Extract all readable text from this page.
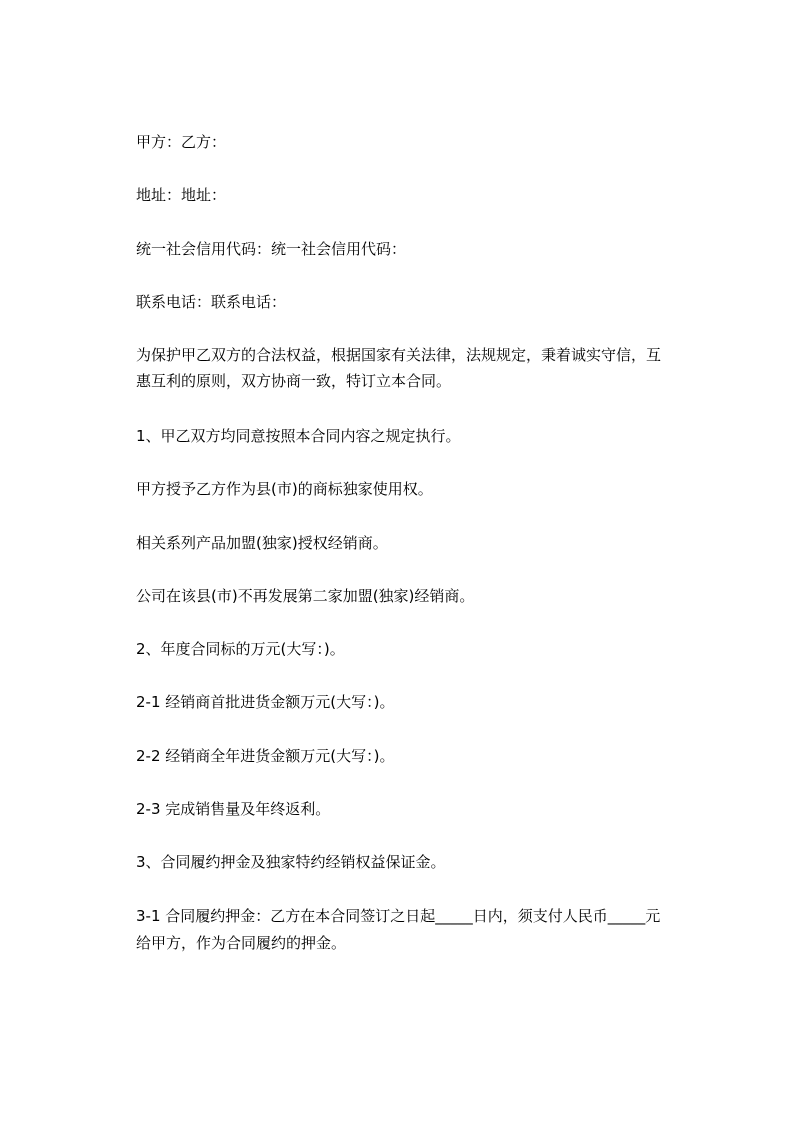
甲方：乙方：

地址：地址：

统一社会信用代码：统一社会信用代码：

联系电话：联系电话：

为保护甲乙双方的合法权益，根据国家有关法律，法规规定，秉着诚实守信，互

惠互利的原则，双方协商一致，特订立本合同。

1、甲乙双方均同意按照本合同内容之规定执行。

甲方授予乙方作为县(市)的商标独家使用权。

相关系列产品加盟(独家)授权经销商。

公司在该县(市)不再发展第二家加盟(独家)经销商。

2、年度合同标的万元(大写：)。

2-1 经销商首批进货金额万元(大写：)。

2-2 经销商全年进货金额万元(大写：)。

2-3 完成销售量及年终返利。

3、合同履约押金及独家特约经销权益保证金。

3-1 合同履约押金：乙方在本合同签订之日起_____日内，须支付人民币_____元

给甲方，作为合同履约的押金。
